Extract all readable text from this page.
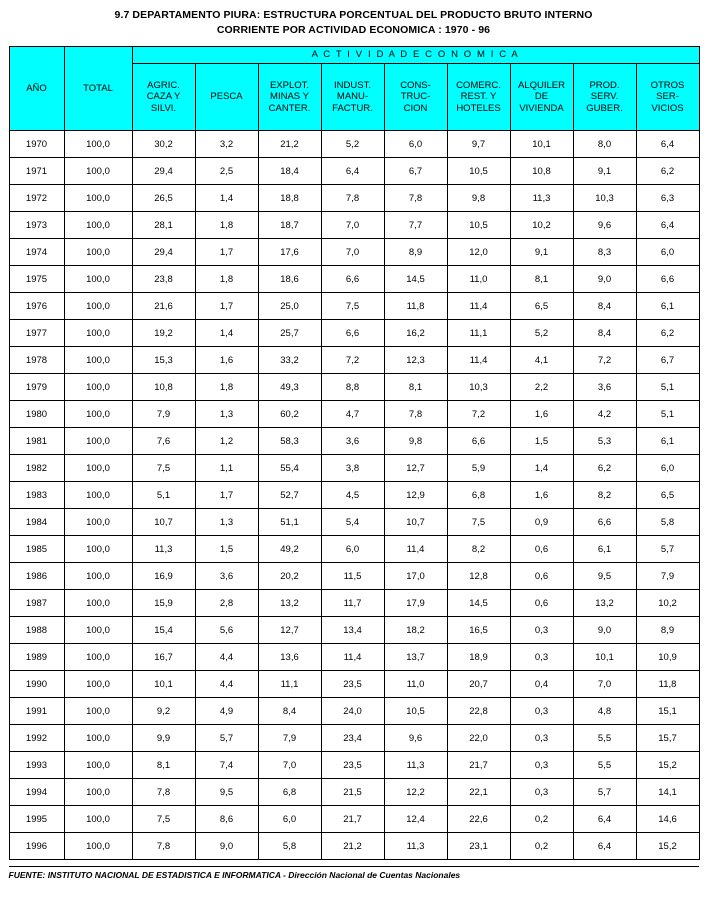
9.7 DEPARTAMENTO PIURA: ESTRUCTURA PORCENTUAL DEL PRODUCTO BRUTO INTERNO
CORRIENTE POR ACTIVIDAD ECONOMICA : 1970 - 96
AÑO	TOTAL	A C T I V I D A D E C O N O M I C A								

		AGRIC.
CAZA Y
SILVI.	PESCA	EXPLOT.
MINAS Y
CANTER.	INDUST.
MANU-
FACTUR.	CONS-
TRUC-
CION	COMERC.
REST. Y
HOTELES	ALQUILER
DE
VIVIENDA	PROD.
SERV.
GUBER.	OTROS
SER-
VICIOS

1970	100,0	30,2	3,2	21,2	5,2	6,0	9,7	10,1	8,0	6,4
1971	100,0	29,4	2,5	18,4	6,4	6,7	10,5	10,8	9,1	6,2
1972	100,0	26,5	1,4	18,8	7,8	7,8	9,8	11,3	10,3	6,3
1973	100,0	28,1	1,8	18,7	7,0	7,7	10,5	10,2	9,6	6,4
1974	100,0	29,4	1,7	17,6	7,0	8,9	12,0	9,1	8,3	6,0
1975	100,0	23,8	1,8	18,6	6,6	14,5	11,0	8,1	9,0	6,6
1976	100,0	21,6	1,7	25,0	7,5	11,8	11,4	6,5	8,4	6,1
1977	100,0	19,2	1,4	25,7	6,6	16,2	11,1	5,2	8,4	6,2
1978	100,0	15,3	1,6	33,2	7,2	12,3	11,4	4,1	7,2	6,7
1979	100,0	10,8	1,8	49,3	8,8	8,1	10,3	2,2	3,6	5,1
1980	100,0	7,9	1,3	60,2	4,7	7,8	7,2	1,6	4,2	5,1
1981	100,0	7,6	1,2	58,3	3,6	9,8	6,6	1,5	5,3	6,1
1982	100,0	7,5	1,1	55,4	3,8	12,7	5,9	1,4	6,2	6,0
1983	100,0	5,1	1,7	52,7	4,5	12,9	6,8	1,6	8,2	6,5
1984	100,0	10,7	1,3	51,1	5,4	10,7	7,5	0,9	6,6	5,8
1985	100,0	11,3	1,5	49,2	6,0	11,4	8,2	0,6	6,1	5,7
1986	100,0	16,9	3,6	20,2	11,5	17,0	12,8	0,6	9,5	7,9
1987	100,0	15,9	2,8	13,2	11,7	17,9	14,5	0,6	13,2	10,2
1988	100,0	15,4	5,6	12,7	13,4	18,2	16,5	0,3	9,0	8,9
1989	100,0	16,7	4,4	13,6	11,4	13,7	18,9	0,3	10,1	10,9
1990	100,0	10,1	4,4	11,1	23,5	11,0	20,7	0,4	7,0	11,8
1991	100,0	9,2	4,9	8,4	24,0	10,5	22,8	0,3	4,8	15,1
1992	100,0	9,9	5,7	7,9	23,4	9,6	22,0	0,3	5,5	15,7
1993	100,0	8,1	7,4	7,0	23,5	11,3	21,7	0,3	5,5	15,2
1994	100,0	7,8	9,5	6,8	21,5	12,2	22,1	0,3	5,7	14,1
1995	100,0	7,5	8,6	6,0	21,7	12,4	22,6	0,2	6,4	14,6
1996	100,0	7,8	9,0	5,8	21,2	11,3	23,1	0,2	6,4	15,2
FUENTE: INSTITUTO NACIONAL DE ESTADISTICA E INFORMATICA - Dirección Nacional de Cuentas Nacionales
